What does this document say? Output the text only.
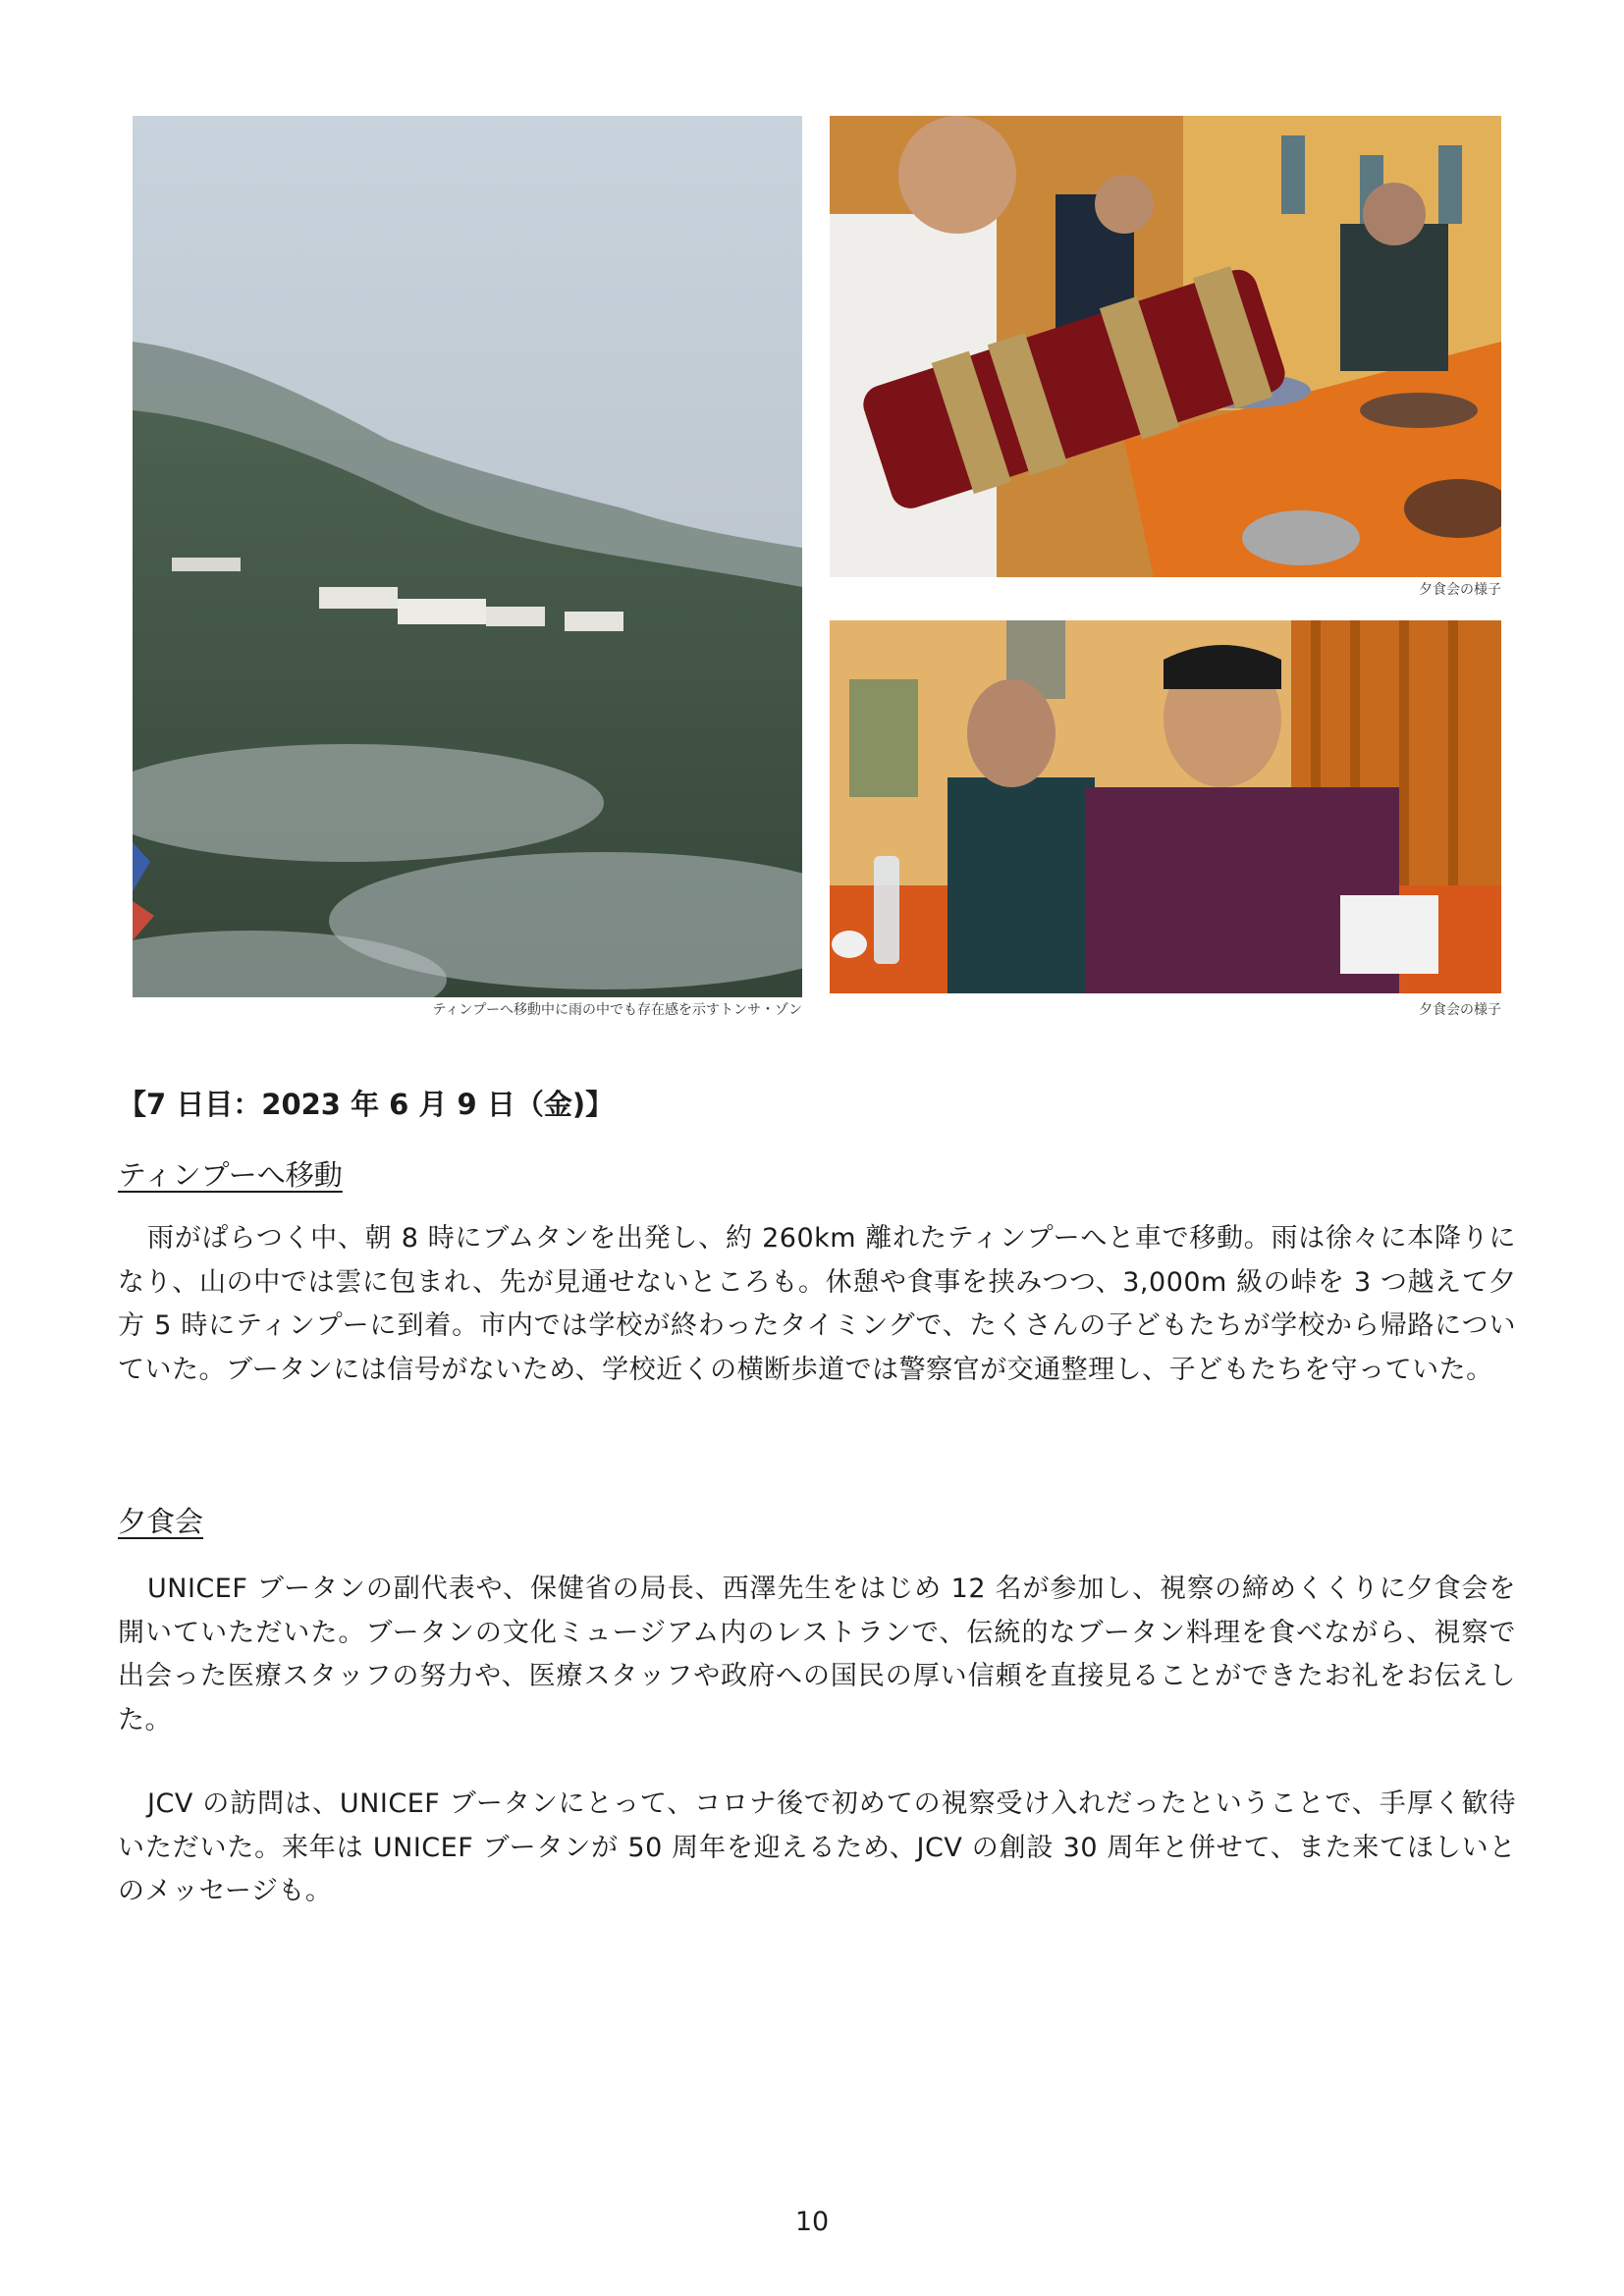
ティンプーへ移動中に雨の中でも存在感を示すトンサ・ゾン
夕食会の様子
夕食会の様子
【7 日目：2023 年 6 月 9 日（金)】
ティンプーへ移動

雨がぱらつく中、朝 8 時にブムタンを出発し、約 260km 離れたティンプーへと車で移動。雨は徐々に本降りになり、山の中では雲に包まれ、先が見通せないところも。休憩や食事を挟みつつ、3,000m 級の峠を 3 つ越えて夕方 5 時にティンプーに到着。市内では学校が終わったタイミングで、たくさんの子どもたちが学校から帰路についていた。ブータンには信号がないため、学校近くの横断歩道では警察官が交通整理し、子どもたちを守っていた。

夕食会

UNICEF ブータンの副代表や、保健省の局長、西澤先生をはじめ 12 名が参加し、視察の締めくくりに夕食会を開いていただいた。ブータンの文化ミュージアム内のレストランで、伝統的なブータン料理を食べながら、視察で出会った医療スタッフの努力や、医療スタッフや政府への国民の厚い信頼を直接見ることができたお礼をお伝えした。

JCV の訪問は、UNICEF ブータンにとって、コロナ後で初めての視察受け入れだったということで、手厚く歓待いただいた。来年は UNICEF ブータンが 50 周年を迎えるため、JCV の創設 30 周年と併せて、また来てほしいとのメッセージも。

10
